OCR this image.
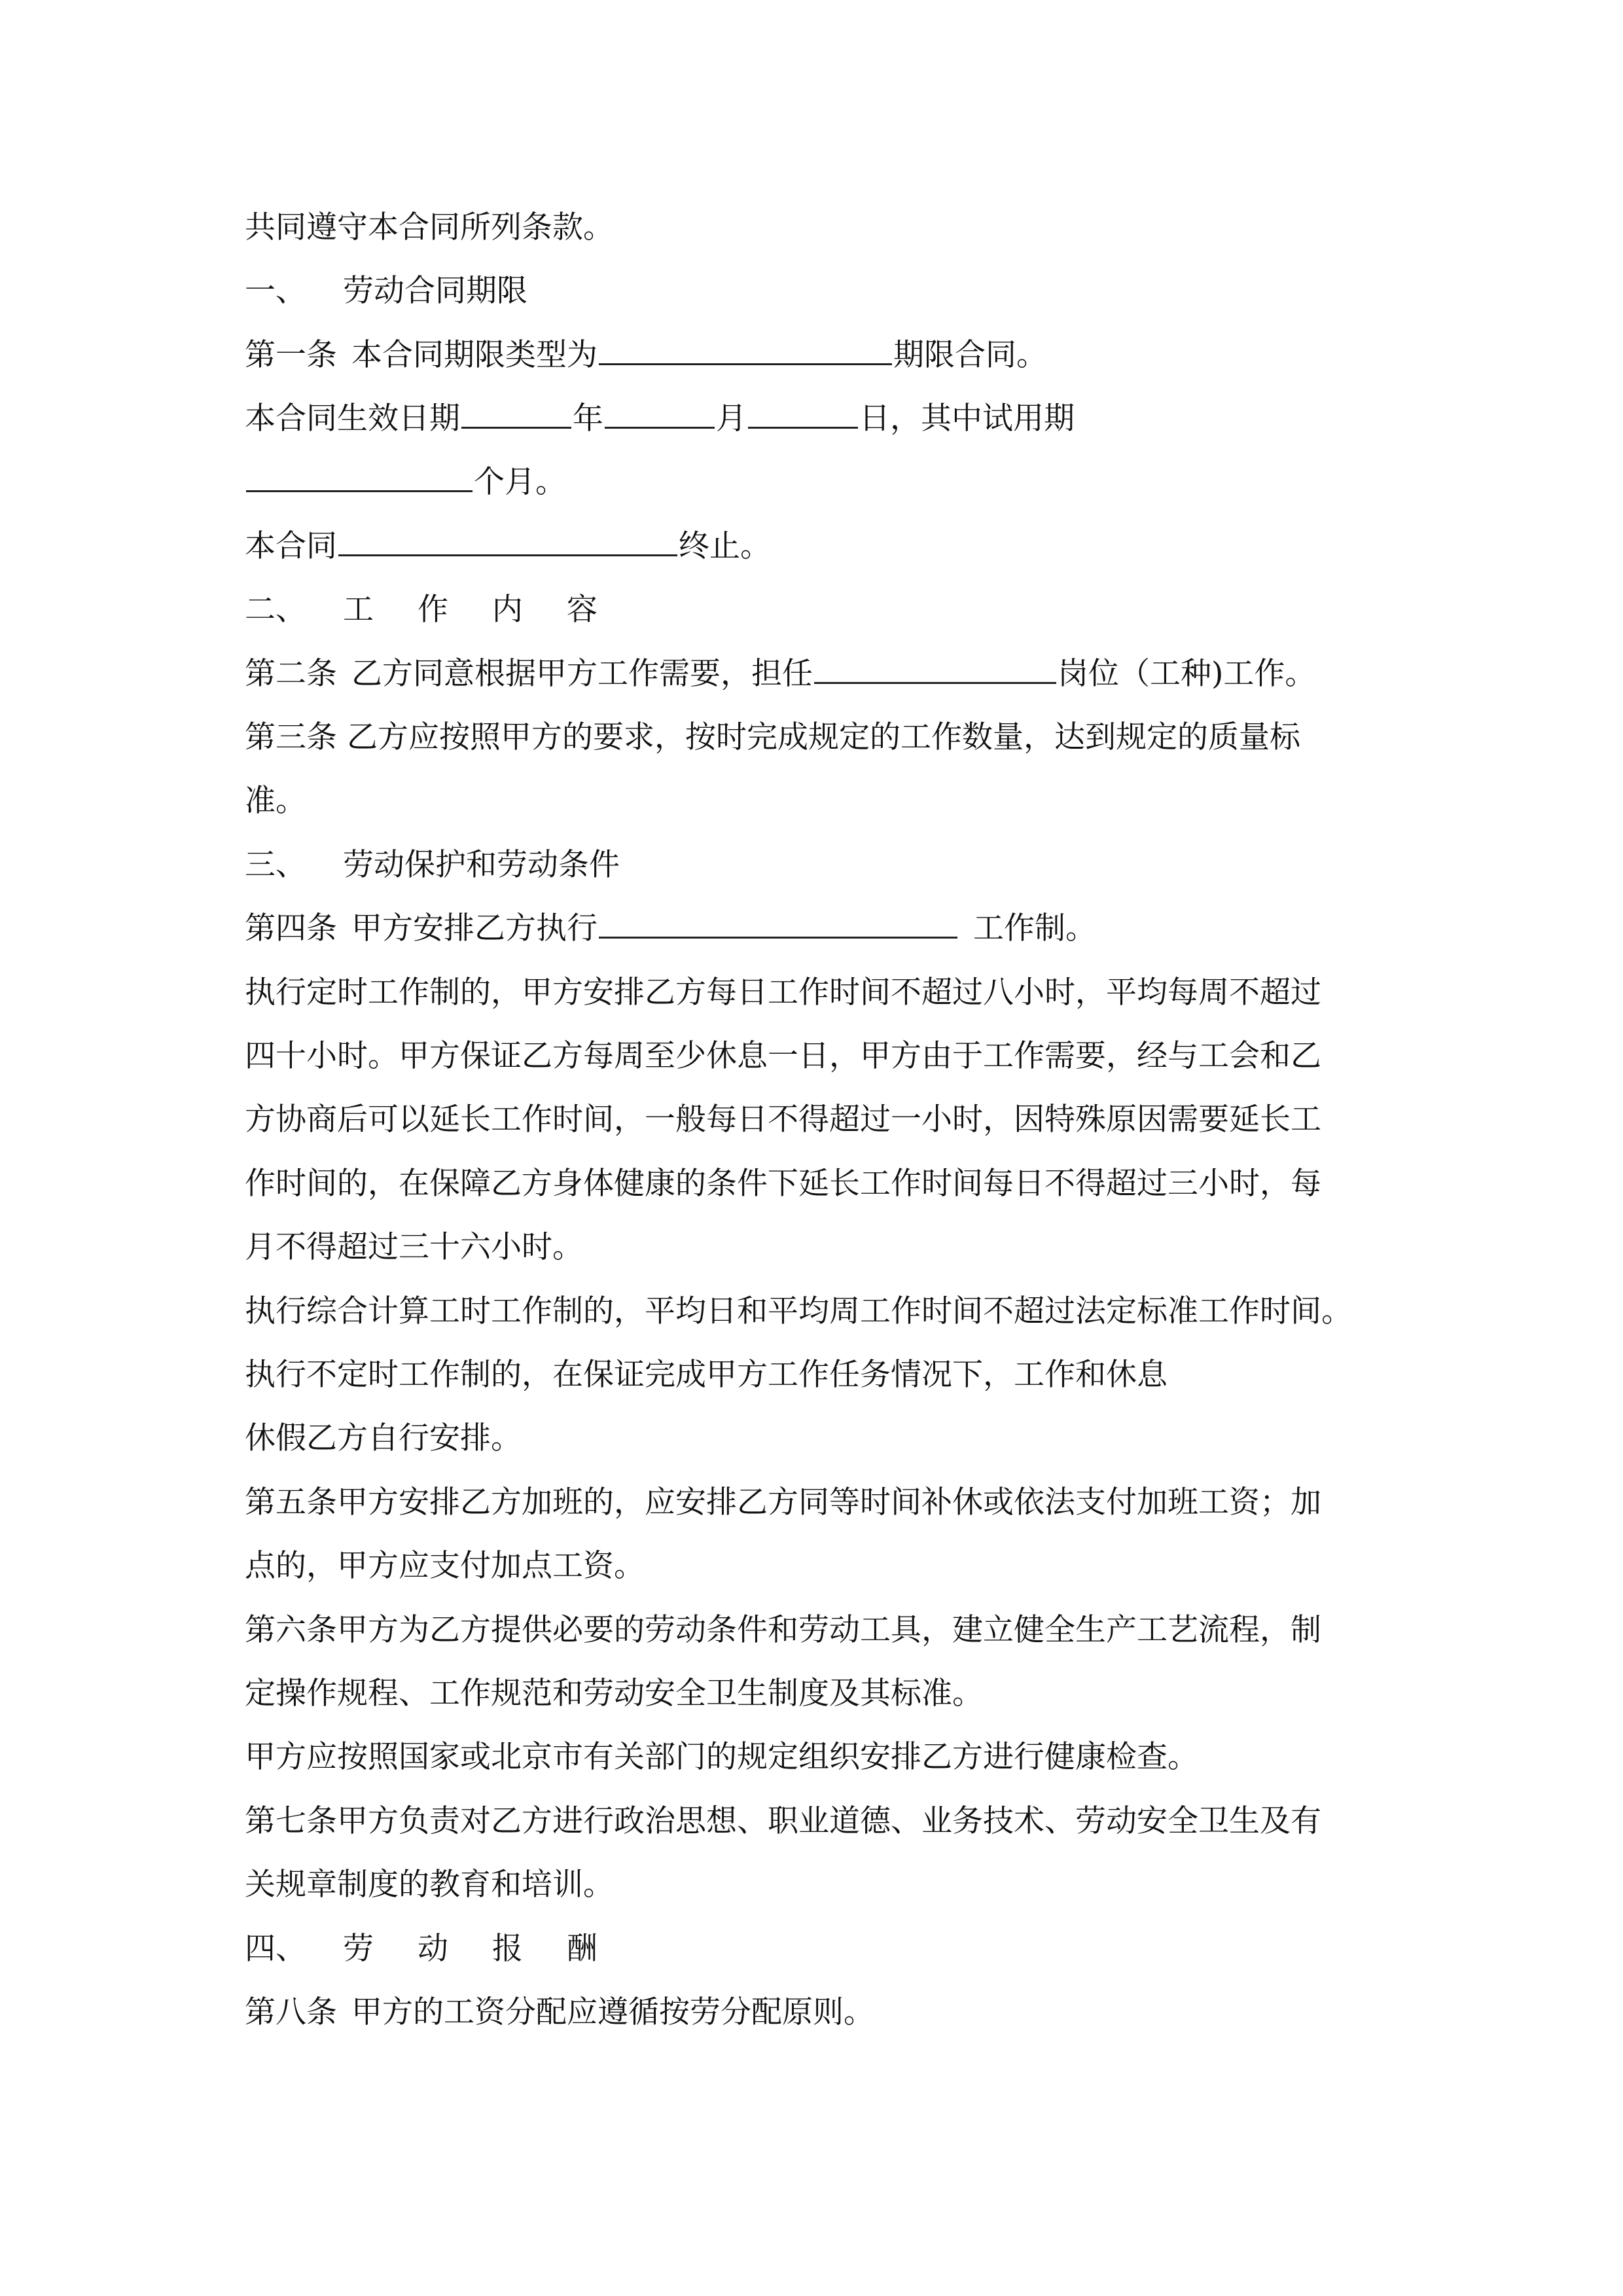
共同遵守本合同所列条款。
一、 劳动合同期限
第一条 本合同期限类型为	期限合同。
本合同生效日期	年	月	日，其中试用期
个月。
本合同	终止。
二、 工 作 内 容
第二条 乙方同意根据甲方工作需要，担任	岗位（工种)工作。
第三条 乙方应按照甲方的要求，按时完成规定的工作数量，达到规定的质量标
准。
三、 劳动保护和劳动条件
第四条 甲方安排乙方执行	工作制。
执行定时工作制的，甲方安排乙方每日工作时间不超过八小时，平均每周不超过
四十小时。甲方保证乙方每周至少休息一日，甲方由于工作需要，经与工会和乙
方协商后可以延长工作时间，一般每日不得超过一小时，因特殊原因需要延长工
作时间的，在保障乙方身体健康的条件下延长工作时间每日不得超过三小时，每
月不得超过三十六小时。
执行综合计算工时工作制的，平均日和平均周工作时间不超过法定标准工作时间。
执行不定时工作制的，在保证完成甲方工作任务情况下，工作和休息
休假乙方自行安排。
第五条甲方安排乙方加班的，应安排乙方同等时间补休或依法支付加班工资；加
点的，甲方应支付加点工资。
第六条甲方为乙方提供必要的劳动条件和劳动工具，建立健全生产工艺流程，制
定操作规程、工作规范和劳动安全卫生制度及其标准。
甲方应按照国家或北京市有关部门的规定组织安排乙方进行健康检查。
第七条甲方负责对乙方进行政治思想、职业道德、业务技术、劳动安全卫生及有
关规章制度的教育和培训。
四、 劳 动 报 酬
第八条 甲方的工资分配应遵循按劳分配原则。
